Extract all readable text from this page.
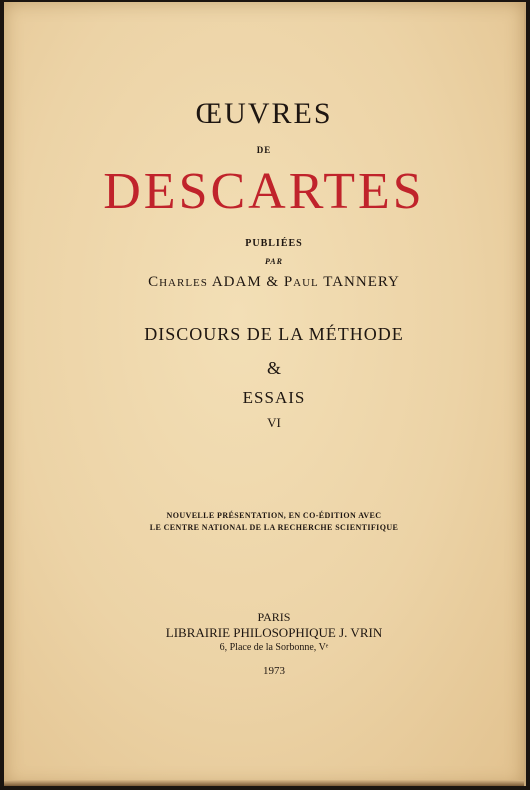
ŒUVRES
DE
DESCARTES
PUBLIÉES
PAR
Charles ADAM & Paul TANNERY
DISCOURS DE LA MÉTHODE
&
ESSAIS
VI
NOUVELLE PRÉSENTATION, EN CO-ÉDITION AVEC
LE CENTRE NATIONAL DE LA RECHERCHE SCIENTIFIQUE
PARIS
LIBRAIRIE PHILOSOPHIQUE J. VRIN
6, Place de la Sorbonne, Vᵉ
1973
